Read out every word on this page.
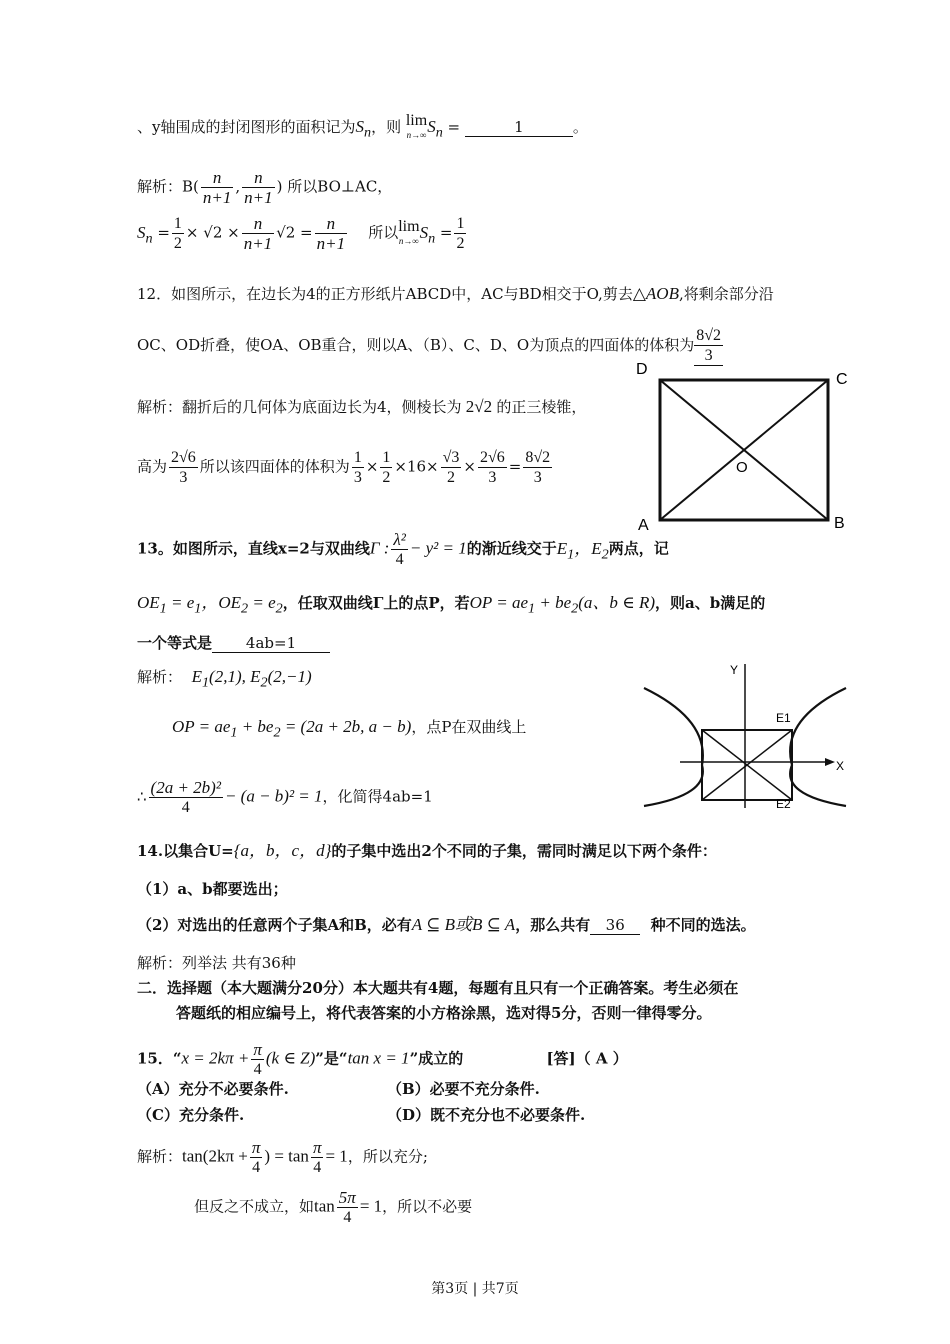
、y轴围成的封闭图形的面积记为$S_n$，则 lim
n→∞ $S_n$ =	1	。
解析：$B( \frac{n}{n+1}$ , $\frac{n}{n+1}$ ) 所以BO⊥AC，
$S_n = \frac{1}{2} \times √2 \times \frac{n}{n+1} √2 = \frac{n}{n+1}$ 所以lim
n→∞ $S_n = \frac{1}{2}$
12．如图所示，在边长为4的正方形纸片ABCD中，AC与BD相交于O,剪去△AOB,将剩余部分沿
OC、OD折叠，使OA、OB重合，则以A、（B）、C、D、O为顶点的四面体的体积为 $\frac{8√2}{3}$
解析：翻折后的几何体为底面边长为4，侧棱长为 2√2 的正三棱锥，
高为 $\frac{2√6}{3}$ 所以该四面体的体积为 $\frac{1}{3} \times \frac{1}{2} \times 16\times \frac{√3}{2} \times \frac{2√6}{3} = \frac{8√2}{3}$
D
C
A	B
O
13。如图所示，直线x=2与双曲线Γ : $\frac{\text{λ²}}{4} - y^2 = 1$的渐近线交于$E_1$，$E_2$两点，记
$OE_1 = e_1$，$OE_2 = e_2$，任取双曲线Γ上的点P，若OP = $ae_1 + be_2(a$、b ∈ R)，则a、b满足的
一个等式是 4ab=1
解析： $E_1(2,1)$, $E_2(2,-1)$
OP = $ae_1 + be_2 = (2a + 2b$, a − b)，点P在双曲线上
∴ $\frac{\text{(2a + 2b)²}}{4} - (a - b)^2 = 1$，化简得4ab=1
Y
X
E1
E2
14.以集合U={a，b，c，d}的子集中选出2个不同的子集，需同时满足以下两个条件：
（1）a、b都要选出；
（2）对选出的任意两个子集A和B，必有A ⊆ B或B ⊆ A，那么共有 36 种不同的选法。
解析：列举法 共有36种
二．选择题（本大题满分20分）本大题共有4题，每题有且只有一个正确答案。考生必须在
答题纸的相应编号上，将代表答案的小方格涂黑，选对得5分，否则一律得零分。
15．“$x = 2k\pi + \frac{\pi}{4} (k$ ∈ Z)”是“tan x = 1”成立的	[答]（ A ）
（A）充分不必要条件.	（B）必要不充分条件.
（C）充分条件.	（D）既不充分也不必要条件.
解析：$\tan(2k\pi + \frac{\pi}{4}$ ) = $\tan \frac{\pi}{4} = 1$，所以充分;
但反之不成立，如$\tan \frac{5\pi}{4} = 1$，所以不必要
第3页 | 共7页
